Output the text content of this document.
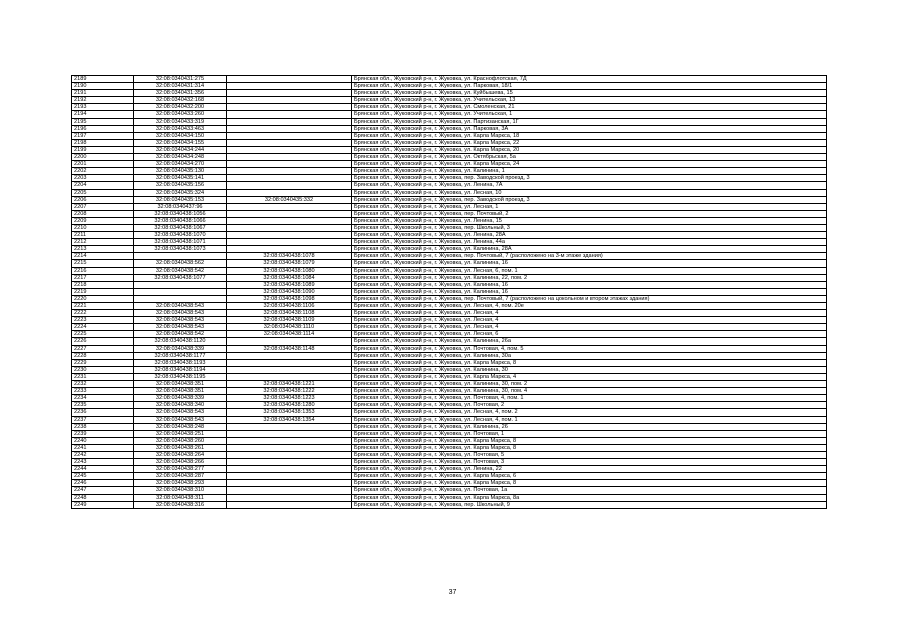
2189	32:08:0340431:275		Брянская обл., Жуковский р-н, г. Жуковка, ул. Краснофлотская, 7Д
2190	32:08:0340431:314		Брянская обл., Жуковский р-н, г. Жуковка, ул. Парковая, 18/1
2191	32:08:0340431:356		Брянская обл., Жуковский р-н, г. Жуковка, ул. Куйбышева, 15
2192	32:08:0340432:168		Брянская обл., Жуковский р-н, г. Жуковка, ул. Учительская, 13
2193	32:08:0340432:200		Брянская обл., Жуковский р-н, г. Жуковка, ул. Смоленская, 21
2194	32:08:0340433:260		Брянская обл., Жуковский р-н, г. Жуковка, ул. Учительская, 1
2195	32:08:0340433:319		Брянская обл., Жуковский р-н, г. Жуковка, ул. Партизанская, 1Г
2196	32:08:0340433:463		Брянская обл., Жуковский р-н, г. Жуковка, ул. Парковая, 3А
2197	32:08:0340434:150		Брянская обл., Жуковский р-н, г. Жуковка, ул. Карла Маркса, 18
2198	32:08:0340434:155		Брянская обл., Жуковский р-н, г. Жуковка, ул. Карла Маркса, 22
2199	32:08:0340434:244		Брянская обл., Жуковский р-н, г. Жуковка, ул. Карла Маркса, 20
2200	32:08:0340434:248		Брянская обл., Жуковский р-н, г. Жуковка, ул. Октябрьская, 5а
2201	32:08:0340434:270		Брянская обл., Жуковский р-н, г. Жуковка, ул. Карла Маркса, 24
2202	32:08:0340435:130		Брянская обл., Жуковский р-н, г. Жуковка, ул. Калинина, 1
2203	32:08:0340435:141		Брянская обл., Жуковский р-н, г. Жуковка, пер. Заводской проезд, 3
2204	32:08:0340435:156		Брянская обл., Жуковский р-н, г. Жуковка, ул. Ленина, 7А
2205	32:08:0340435:324		Брянская обл., Жуковский р-н, г. Жуковка, ул. Лесная, 10
2206	32:08:0340435:153	32:08:0340435:332	Брянская обл., Жуковский р-н, г. Жуковка, пер. Заводской проезд, 3
2207	32:08:0340437:96		Брянская обл., Жуковский р-н, г. Жуковка, ул. Лесная, 1
2208	32:08:0340438:1056		Брянская обл., Жуковский р-н, г. Жуковка, пер. Почтовый, 2
2209	32:08:0340438:1066		Брянская обл., Жуковский р-н, г. Жуковка, ул. Ленина, 15
2210	32:08:0340438:1067		Брянская обл., Жуковский р-н, г. Жуковка, пер. Школьный, 3
2211	32:08:0340438:1070		Брянская обл., Жуковский р-н, г. Жуковка, ул. Ленина, 28А
2212	32:08:0340438:1071		Брянская обл., Жуковский р-н, г. Жуковка, ул. Ленина, 44а
2213	32:08:0340438:1073		Брянская обл., Жуковский р-н, г. Жуковка, ул. Калинина, 28А
2214		32:08:0340438:1078	Брянская обл., Жуковский р-н, г. Жуковка, пер. Почтовый, 7 (расположено на 3-м этаже здания)
2215	32:08:0340438:562	32:08:0340438:1079	Брянская обл., Жуковский р-н, г. Жуковка, ул. Калинина, 16
2216	32:08:0340438:542	32:08:0340438:1080	Брянская обл., Жуковский р-н, г. Жуковка, ул. Лесная, 6, пом. 1
2217	32:08:0340438:1077	32:08:0340438:1084	Брянская обл., Жуковский р-н, г. Жуковка, ул. Калинина, 22, пом. 2
2218		32:08:0340438:1089	Брянская обл., Жуковский р-н, г. Жуковка, ул. Калинина, 16
2219		32:08:0340438:1090	Брянская обл., Жуковский р-н, г. Жуковка, ул. Калинина, 16
2220		32:08:0340438:1098	Брянская обл., Жуковский р-н, г. Жуковка, пер. Почтовый, 7 (расположено на цокольном и втором этажах здания)
2221	32:08:0340438:543	32:08:0340438:1106	Брянская обл., Жуковский р-н, г. Жуковка, ул. Лесная, 4, пом. 20е
2222	32:08:0340438:543	32:08:0340438:1108	Брянская обл., Жуковский р-н, г. Жуковка, ул. Лесная, 4
2223	32:08:0340438:543	32:08:0340438:1109	Брянская обл., Жуковский р-н, г. Жуковка, ул. Лесная, 4
2224	32:08:0340438:543	32:08:0340438:1110	Брянская обл., Жуковский р-н, г. Жуковка, ул. Лесная, 4
2225	32:08:0340438:542	32:08:0340438:1114	Брянская обл., Жуковский р-н, г. Жуковка, ул. Лесная, 6
2226	32:08:0340438:1120		Брянская обл., Жуковский р-н, г. Жуковка, ул. Калинина, 26а
2227	32:08:0340438:339	32:08:0340438:1148	Брянская обл., Жуковский р-н, г. Жуковка, ул. Почтовая, 4, пом. 5
2228	32:08:0340438:1177		Брянская обл., Жуковский р-н, г. Жуковка, ул. Калинина, 30а
2229	32:08:0340438:1193		Брянская обл., Жуковский р-н, г. Жуковка, ул. Карла Маркса, 8
2230	32:08:0340438:1194		Брянская обл., Жуковский р-н, г. Жуковка, ул. Калинина, 30
2231	32:08:0340438:1195		Брянская обл., Жуковский р-н, г. Жуковка, ул. Карла Маркса, 4
2232	32:08:0340438:351	32:08:0340438:1221	Брянская обл., Жуковский р-н, г. Жуковка, ул. Калинина, 30, пом. 2
2233	32:08:0340438:351	32:08:0340438:1222	Брянская обл., Жуковский р-н, г. Жуковка, ул. Калинина, 30, пом. 4
2234	32:08:0340438:339	32:08:0340438:1223	Брянская обл., Жуковский р-н, г. Жуковка, ул. Почтовая, 4, пом. 1
2235	32:08:0340438:340	32:08:0340438:1280	Брянская обл., Жуковский р-н, г. Жуковка, ул. Почтовая, 2
2236	32:08:0340438:543	32:08:0340438:1353	Брянская обл., Жуковский р-н, г. Жуковка, ул. Лесная, 4, пом. 2
2237	32:08:0340438:543	32:08:0340438:1354	Брянская обл., Жуковский р-н, г. Жуковка, ул. Лесная, 4, пом. 1
2238	32:08:0340438:248		Брянская обл., Жуковский р-н, г. Жуковка, ул. Калинина, 26
2239	32:08:0340438:251		Брянская обл., Жуковский р-н, г. Жуковка, ул. Почтовая, 1
2240	32:08:0340438:260		Брянская обл., Жуковский р-н, г. Жуковка, ул. Карла Маркса, 8
2241	32:08:0340438:261		Брянская обл., Жуковский р-н, г. Жуковка, ул. Карла Маркса, 8
2242	32:08:0340438:264		Брянская обл., Жуковский р-н, г. Жуковка, ул. Почтовая, 5
2243	32:08:0340438:266		Брянская обл., Жуковский р-н, г. Жуковка, ул. Почтовая, 3
2244	32:08:0340438:277		Брянская обл., Жуковский р-н, г. Жуковка, ул. Ленина, 22
2245	32:08:0340438:287		Брянская обл., Жуковский р-н, г. Жуковка, ул. Карла Маркса, 6
2246	32:08:0340438:293		Брянская обл., Жуковский р-н, г. Жуковка, ул. Карла Маркса, 8
2247	32:08:0340438:310		Брянская обл., Жуковский р-н, г. Жуковка, ул. Почтовая, 1а
2248	32:08:0340438:311		Брянская обл., Жуковский р-н, г. Жуковка, ул. Карла Маркса, 8а
2249	32:08:0340438:316		Брянская обл., Жуковский р-н, г. Жуковка, пер. Школьный, 9
37
